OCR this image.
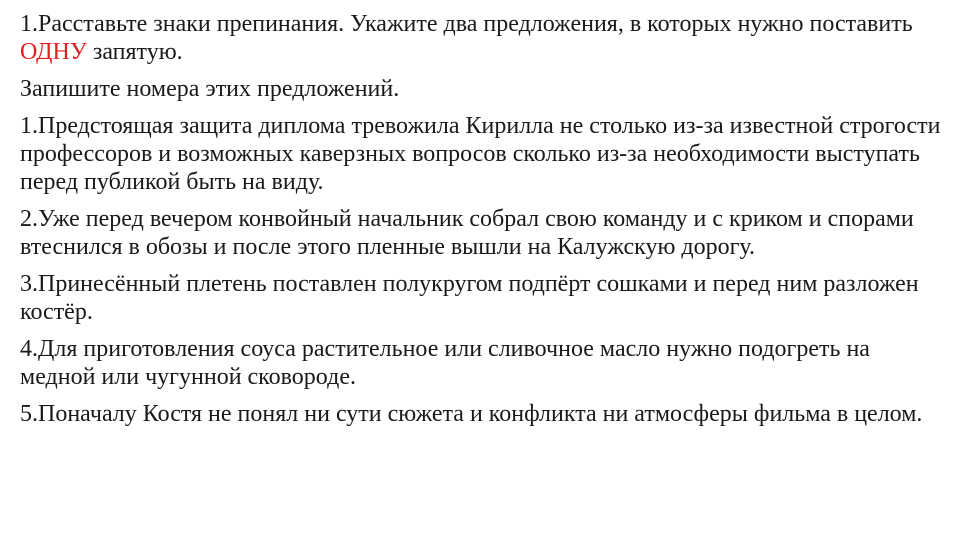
1.Расставьте знаки препинания. Укажите два предложения, в которых нужно поставить ОДНУ запятую.

Запишите номера этих предложений.

1.Предстоящая защита диплома тревожила Кирилла не столько из-за известной строгости профессоров и возможных каверзных вопросов сколько из-за необходимости выступать перед публикой быть на виду.

2.Уже перед вечером конвойный начальник собрал свою команду и с криком и спорами втеснился в обозы и после этого пленные вышли на Калужскую дорогу.

3.Принесённый плетень поставлен полукругом подпёрт сошками и перед ним разложен костёр.

4.Для приготовления соуса растительное или сливочное масло нужно подогреть на медной или чугунной сковороде.

5.Поначалу Костя не понял ни сути сюжета и конфликта ни атмосферы фильма в целом.
